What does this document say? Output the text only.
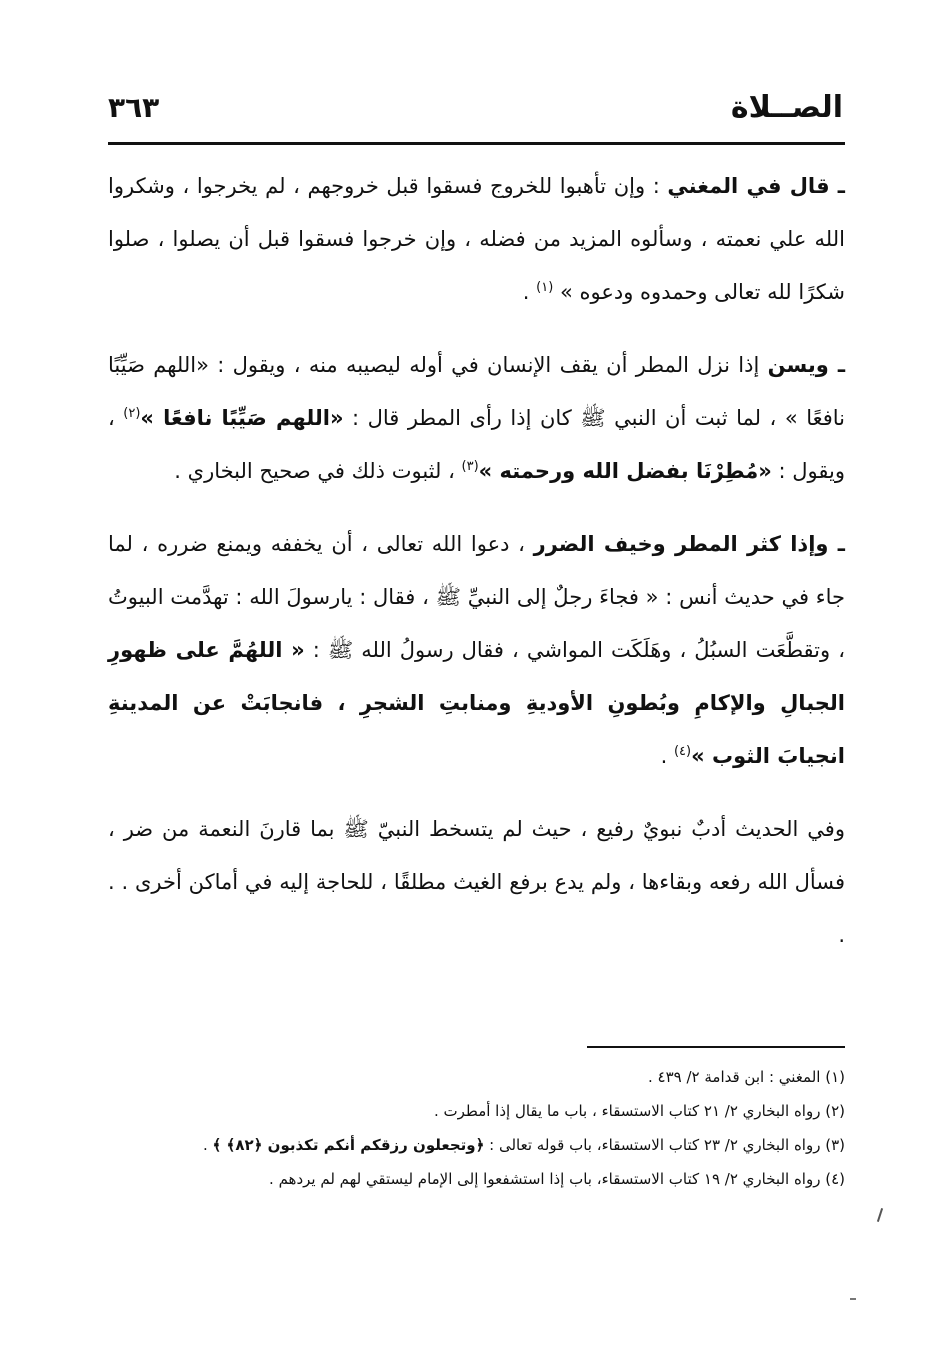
الصــلاة
٣٦٣

ـ قال في المغني : وإن تأهبوا للخروج فسقوا قبل خروجهم ، لم يخرجوا ، وشكروا الله علي نعمته ، وسألوه المزيد من فضله ، وإن خرجوا فسقوا قبل أن يصلوا ، صلوا شكرًا لله تعالى وحمدوه ودعوه » $^{(١)}$ .

ـ ويسن إذا نزل المطر أن يقف الإنسان في أوله ليصيبه منه ، ويقول : «اللهم صَيِّبًا نافعًا » ، لما ثبت أن النبي ﷺ كان إذا رأى المطر قال : «اللهم صَيِّبًا نافعًا »$^{(٢)}$ ، ويقول : «مُطِرْنَا بفضل الله ورحمته »$^{(٣)}$ ، لثبوت ذلك في صحيح البخاري .

ـ وإذا كثر المطر وخيف الضرر ، دعوا الله تعالى ، أن يخففه ويمنع ضرره ، لما جاء في حديث أنس : « فجاءَ رجلٌ إلى النبيِّ ﷺ ، فقال : يارسولَ الله : تهدَّمت البيوتُ ، وتقطَّعَت السبُلُ ، وهَلَكَت المواشي ، فقال رسولُ الله ﷺ : « اللهُمَّ على ظهورِ الجبالِ والإكامِ وبُطونِ الأوديةِ ومنابتِ الشجرِ ، فانجابَتْ عن المدينةِ انجيابَ الثوب »$^{(٤)}$ .

وفي الحديث أدبٌ نبويٌ رفيع ، حيث لم يتسخط النبيّ ﷺ بما قارنَ النعمة من ضر ، فسأل الله رفعه وبقاءها ، ولم يدع برفع الغيث مطلقًا ، للحاجة إليه في أماكن أخرى . . .

(١) المغني : ابن قدامة ٢/ ٤٣٩ .

(٢) رواه البخاري ٢/ ٢١ كتاب الاستسقاء ، باب ما يقال إذا أمطرت .

(٣) رواه البخاري ٢/ ٢٣ كتاب الاستسقاء، باب قوله تعالى : ﴿وتجعلون رزقكم أنكم تكذبون ﴿٨٢﴾ ﴾ .

(٤) رواه البخاري ٢/ ١٩ كتاب الاستسقاء، باب إذا استشفعوا إلى الإمام ليستقي لهم لم يردهم .
